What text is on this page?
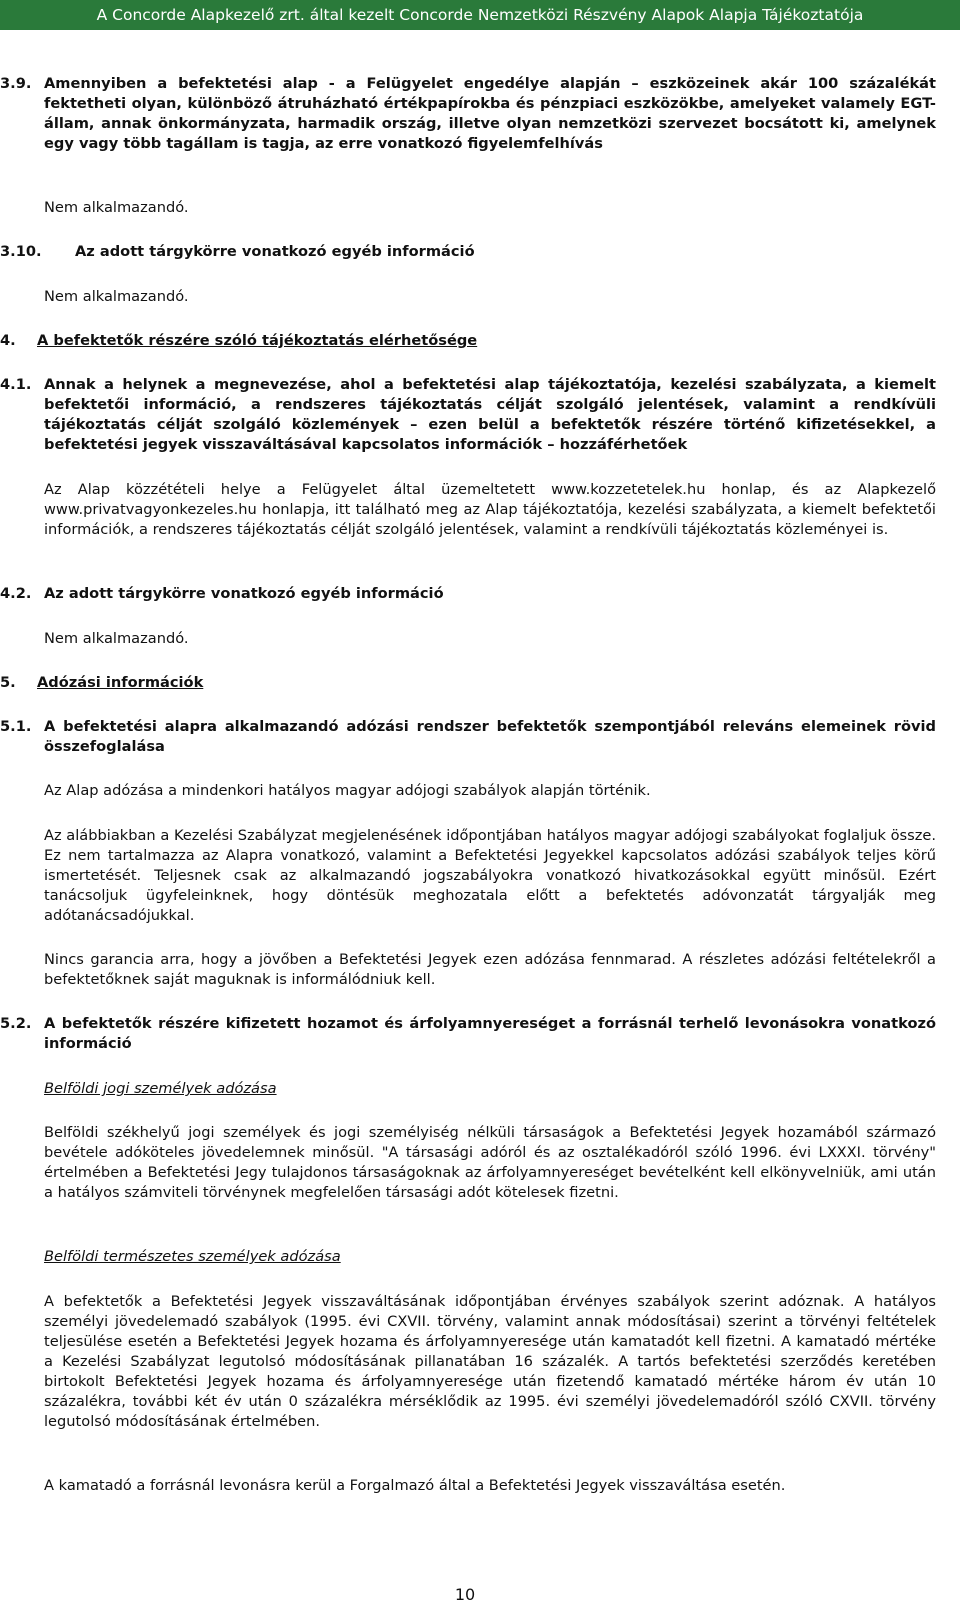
A Concorde Alapkezelő zrt. által kezelt Concorde Nemzetközi Részvény Alapok Alapja Tájékoztatója
3.9. Amennyiben a befektetési alap - a Felügyelet engedélye alapján – eszközeinek akár 100 százalékát fektetheti olyan, különböző átruházható értékpapírokba és pénzpiaci eszközökbe, amelyeket valamely EGT-állam, annak önkormányzata, harmadik ország, illetve olyan nemzetközi szervezet bocsátott ki, amelynek egy vagy több tagállam is tagja, az erre vonatkozó figyelemfelhívás
Nem alkalmazandó.
3.10. Az adott tárgykörre vonatkozó egyéb információ
Nem alkalmazandó.
4. A befektetők részére szóló tájékoztatás elérhetősége
4.1. Annak a helynek a megnevezése, ahol a befektetési alap tájékoztatója, kezelési szabályzata, a kiemelt befektetői információ, a rendszeres tájékoztatás célját szolgáló jelentések, valamint a rendkívüli tájékoztatás célját szolgáló közlemények – ezen belül a befektetők részére történő kifizetésekkel, a befektetési jegyek visszaváltásával kapcsolatos információk – hozzáférhetőek
Az Alap közzétételi helye a Felügyelet által üzemeltetett www.kozzetetelek.hu honlap, és az Alapkezelő www.privatvagyonkezeles.hu honlapja, itt található meg az Alap tájékoztatója, kezelési szabályzata, a kiemelt befektetői információk, a rendszeres tájékoztatás célját szolgáló jelentések, valamint a rendkívüli tájékoztatás közleményei is.
4.2. Az adott tárgykörre vonatkozó egyéb információ
Nem alkalmazandó.
5. Adózási információk
5.1. A befektetési alapra alkalmazandó adózási rendszer befektetők szempontjából releváns elemeinek rövid összefoglalása
Az Alap adózása a mindenkori hatályos magyar adójogi szabályok alapján történik.
Az alábbiakban a Kezelési Szabályzat megjelenésének időpontjában hatályos magyar adójogi szabályokat foglaljuk össze. Ez nem tartalmazza az Alapra vonatkozó, valamint a Befektetési Jegyekkel kapcsolatos adózási szabályok teljes körű ismertetését. Teljesnek csak az alkalmazandó jogszabályokra vonatkozó hivatkozásokkal együtt minősül. Ezért tanácsoljuk ügyfeleinknek, hogy döntésük meghozatala előtt a befektetés adóvonzatát tárgyalják meg adótanácsadójukkal.
Nincs garancia arra, hogy a jövőben a Befektetési Jegyek ezen adózása fennmarad. A részletes adózási feltételekről a befektetőknek saját maguknak is informálódniuk kell.
5.2. A befektetők részére kifizetett hozamot és árfolyamnyereséget a forrásnál terhelő levonásokra vonatkozó információ
Belföldi jogi személyek adózása
Belföldi székhelyű jogi személyek és jogi személyiség nélküli társaságok a Befektetési Jegyek hozamából származó bevétele adóköteles jövedelemnek minősül. "A társasági adóról és az osztalékadóról szóló 1996. évi LXXXI. törvény" értelmében a Befektetési Jegy tulajdonos társaságoknak az árfolyamnyereséget bevételként kell elkönyvelniük, ami után a hatályos számviteli törvénynek megfelelően társasági adót kötelesek fizetni.
Belföldi természetes személyek adózása
A befektetők a Befektetési Jegyek visszaváltásának időpontjában érvényes szabályok szerint adóznak. A hatályos személyi jövedelemadó szabályok (1995. évi CXVII. törvény, valamint annak módosításai) szerint a törvényi feltételek teljesülése esetén a Befektetési Jegyek hozama és árfolyamnyeresége után kamatadót kell fizetni. A kamatadó mértéke a Kezelési Szabályzat legutolsó módosításának pillanatában 16 százalék. A tartós befektetési szerződés keretében birtokolt Befektetési Jegyek hozama és árfolyamnyeresége után fizetendő kamatadó mértéke három év után 10 százalékra, további két év után 0 százalékra mérséklődik az 1995. évi személyi jövedelemadóról szóló CXVII. törvény legutolsó módosításának értelmében.
A kamatadó a forrásnál levonásra kerül a Forgalmazó által a Befektetési Jegyek visszaváltása esetén.
10
